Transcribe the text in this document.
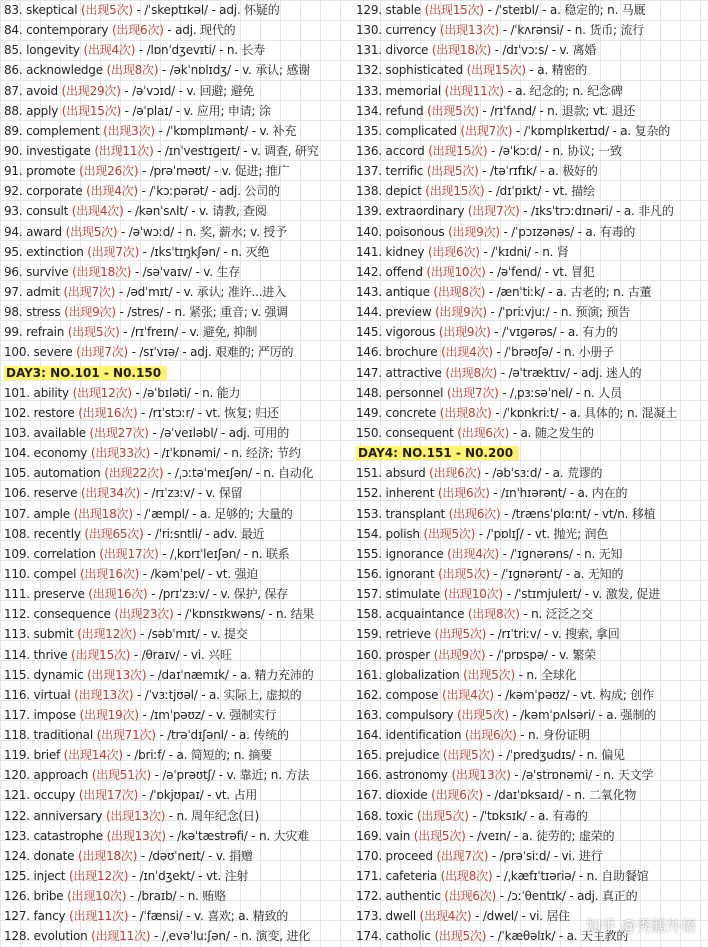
83. skeptical (出现5次) - /ˈskeptɪkəl/ - adj. 怀疑的
84. contemporary (出现6次) - adj. 现代的
85. longevity (出现4次) - /lɒnˈdʒevɪti/ - n. 长寿
86. acknowledge (出现8次) - /əkˈnɒlɪdʒ/ - v. 承认; 感谢
87. avoid (出现29次) - /əˈvɔɪd/ - v. 回避; 避免
88. apply (出现15次) - /əˈplaɪ/ - v. 应用; 申请; 涂
89. complement (出现3次) - /ˈkɒmplɪmənt/ - v. 补充
90. investigate (出现11次) - /ɪnˈvestɪɡeɪt/ - v. 调查, 研究
91. promote (出现26次) - /prəˈməʊt/ - v. 促进; 推广
92. corporate (出现4次) - /ˈkɔːpərət/ - adj. 公司的
93. consult (出现4次) - /kənˈsʌlt/ - v. 请教, 查阅
94. award (出现5次) - /əˈwɔːd/ - n. 奖, 薪水; v. 授予
95. extinction (出现7次) - /ɪksˈtɪŋkʃən/ - n. 灭绝
96. survive (出现18次) - /səˈvaɪv/ - v. 生存
97. admit (出现7次) - /ədˈmɪt/ - v. 承认; 准许...进入
98. stress (出现9次) - /stres/ - n. 紧张; 重音; v. 强调
99. refrain (出现5次) - /rɪˈfreɪn/ - v. 避免, 抑制
100. severe (出现7次) - /sɪˈvɪə/ - adj. 艰难的; 严厉的
DAY3: NO.101 - N0.150
101. ability (出现12次) - /əˈbɪləti/ - n. 能力
102. restore (出现16次) - /rɪˈstɔːr/ - vt. 恢复; 归还
103. available (出现27次) - /əˈveɪləbl/ - adj. 可用的
104. economy (出现33次) - /ɪˈkɒnəmi/ - n. 经济; 节约
105. automation (出现22次) - /ˌɔːtəˈmeɪʃən/ - n. 自动化
106. reserve (出现34次) - /rɪˈzɜːv/ - v. 保留
107. ample (出现18次) - /ˈæmpl/ - a. 足够的; 大量的
108. recently (出现65次) - /ˈriːsntli/ - adv. 最近
109. correlation (出现17次) - /ˌkɒrɪˈleɪʃən/ - n. 联系
110. compel (出现16次) - /kəmˈpel/ - vt. 强迫
111. preserve (出现16次) - /prɪˈzɜːv/ - v. 保护, 保存
112. consequence (出现23次) - /ˈkɒnsɪkwəns/ - n. 结果
113. submit (出现12次) - /səbˈmɪt/ - v. 提交
114. thrive (出现15次) - /θraɪv/ - vi. 兴旺
115. dynamic (出现13次) - /daɪˈnæmɪk/ - a. 精力充沛的
116. virtual (出现13次) - /ˈvɜːtjʊəl/ - a. 实际上, 虚拟的
117. impose (出现19次) - /ɪmˈpəʊz/ - v. 强制实行
118. traditional (出现71次) - /trəˈdɪʃənl/ - a. 传统的
119. brief (出现14次) - /briːf/ - a. 简短的; n. 摘要
120. approach (出现51次) - /əˈprəʊtʃ/ - v. 靠近; n. 方法
121. occupy (出现17次) - /ˈɒkjʊpaɪ/ - vt. 占用
122. anniversary (出现13次) - n. 周年纪念(日)
123. catastrophe (出现13次) - /kəˈtæstrəfi/ - n. 大灾难
124. donate (出现18次) - /dəʊˈneɪt/ - v. 捐赠
125. inject (出现12次) - /ɪnˈdʒekt/ - vt. 注射
126. bribe (出现10次) - /braɪb/ - n. 贿赂
127. fancy (出现11次) - /ˈfænsi/ - v. 喜欢; a. 精致的
128. evolution (出现11次) - /ˌevəˈluːʃən/ - n. 演变, 进化
129. stable (出现15次) - /ˈsteɪbl/ - a. 稳定的; n. 马厩
130. currency (出现13次) - /ˈkʌrənsi/ - n. 货币; 流行
131. divorce (出现18次) - /dɪˈvɔːs/ - v. 离婚
132. sophisticated (出现15次) - a. 精密的
133. memorial (出现11次) - a. 纪念的; n. 纪念碑
134. refund (出现5次) - /rɪˈfʌnd/ - n. 退款; vt. 退还
135. complicated (出现7次) - /ˈkɒmplɪkeɪtɪd/ - a. 复杂的
136. accord (出现15次) - /əˈkɔːd/ - n. 协议; 一致
137. terrific (出现5次) - /təˈrɪfɪk/ - a. 极好的
138. depict (出现15次) - /dɪˈpɪkt/ - vt. 描绘
139. extraordinary (出现7次) - /ɪksˈtrɔːdɪnəri/ - a. 非凡的
140. poisonous (出现9次) - /ˈpɔɪzənəs/ - a. 有毒的
141. kidney (出现6次) - /ˈkɪdni/ - n. 肾
142. offend (出现10次) - /əˈfend/ - vt. 冒犯
143. antique (出现8次) - /ænˈtiːk/ - a. 古老的; n. 古董
144. preview (出现9次) - /ˈpriːvjuː/ - n. 预演; 预告
145. vigorous (出现9次) - /ˈvɪɡərəs/ - a. 有力的
146. brochure (出现4次) - /ˈbrəʊʃə/ - n. 小册子
147. attractive (出现8次) - /əˈtræktɪv/ - adj. 迷人的
148. personnel (出现7次) - /ˌpɜːsəˈnel/ - n. 人员
149. concrete (出现8次) - /ˈkɒnkriːt/ - a. 具体的; n. 混凝土
150. consequent (出现6次) - a. 随之发生的
DAY4: NO.151 - N0.200
151. absurd (出现6次) - /əbˈsɜːd/ - a. 荒谬的
152. inherent (出现6次) - /ɪnˈhɪərənt/ - a. 内在的
153. transplant (出现6次) - /trænsˈplɑːnt/ - vt/n. 移植
154. polish (出现5次) - /ˈpɒlɪʃ/ - vt. 抛光; 润色
155. ignorance (出现4次) - /ˈɪɡnərəns/ - n. 无知
156. ignorant (出现5次) - /ˈɪɡnərənt/ - a. 无知的
157. stimulate (出现10次) - /ˈstɪmjuleɪt/ - v. 激发, 促进
158. acquaintance (出现8次) - n. 泛泛之交
159. retrieve (出现5次) - /rɪˈtriːv/ - v. 搜索, 拿回
160. prosper (出现9次) - /ˈprɒspə/ - v. 繁荣
161. globalization (出现5次) - n. 全球化
162. compose (出现4次) - /kəmˈpəʊz/ - vt. 构成; 创作
163. compulsory (出现5次) - /kəmˈpʌlsəri/ - a. 强制的
164. identification (出现6次) - n. 身份证明
165. prejudice (出现5次) - /ˈpredʒudɪs/ - n. 偏见
166. astronomy (出现13次) - /əˈstrɒnəmi/ - n. 天文学
167. dioxide (出现6次) - /daɪˈɒksaɪd/ - n. 二氧化物
168. toxic (出现5次) - /ˈtɒksɪk/ - a. 有毒的
169. vain (出现5次) - /veɪn/ - a. 徒劳的; 虚荣的
170. proceed (出现7次) - /prəˈsiːd/ - vi. 进行
171. cafeteria (出现8次) - /ˌkæfɪˈtɪəriə/ - n. 自助餐馆
172. authentic (出现6次) - /ɔːˈθentɪk/ - adj. 真正的
173. dwell (出现4次) - /dwel/ - vi. 居住
174. catholic (出现5次) - /ˈkæθəlɪk/ - a. 天主教的
知乎 @秀鹏外语
